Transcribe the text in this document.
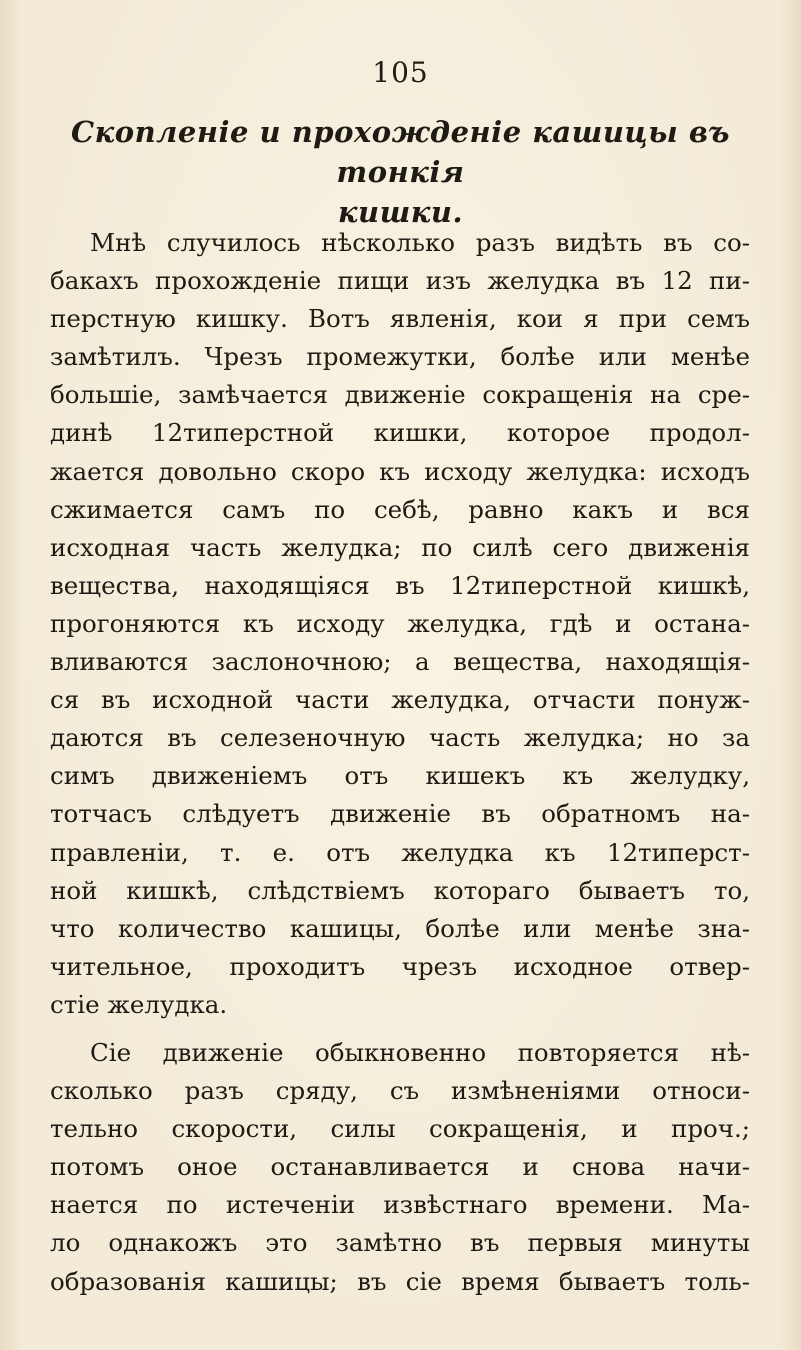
105
Скопленіе и прохожденіе кашицы въ тонкія
кишки.
Мнѣ случилось нѣсколько разъ видѣть въ со-
бакахъ прохожденіе пищи изъ желудка въ 12 пи-
перстную кишку. Вотъ явленія, кои я при семъ
замѣтилъ. Чрезъ промежутки, болѣе или менѣе
большіе, замѣчается движеніе сокращенія на сре-
динѣ 12типерстной кишки, которое продол-
жается довольно скоро къ исходу желудка: исходъ
сжимается самъ по себѣ, равно какъ и вся
исходная часть желудка; по силѣ сего движенія
вещества, находящіяся въ 12типерстной кишкѣ,
прогоняются къ исходу желудка, гдѣ и остана-
вливаются заслоночною; а вещества, находящія-
ся въ исходной части желудка, отчасти понуж-
даются въ селезеночную часть желудка; но за
симъ движеніемъ отъ кишекъ къ желудку,
тотчасъ слѣдуетъ движеніе въ обратномъ на-
правленіи, т. е. отъ желудка къ 12типерст-
ной кишкѣ, слѣдствіемъ котораго бываетъ то,
что количество кашицы, болѣе или менѣе зна-
чительное, проходитъ чрезъ исходное отвер-
стіе желудка.
Сіе движеніе обыкновенно повторяется нѣ-
сколько разъ сряду, съ измѣненіями относи-
тельно скорости, силы сокращенія, и проч.;
потомъ оное останавливается и снова начи-
нается по истеченіи извѣстнаго времени. Ма-
ло однакожъ это замѣтно въ первыя минуты
образованія кашицы; въ сіе время бываетъ толь-
